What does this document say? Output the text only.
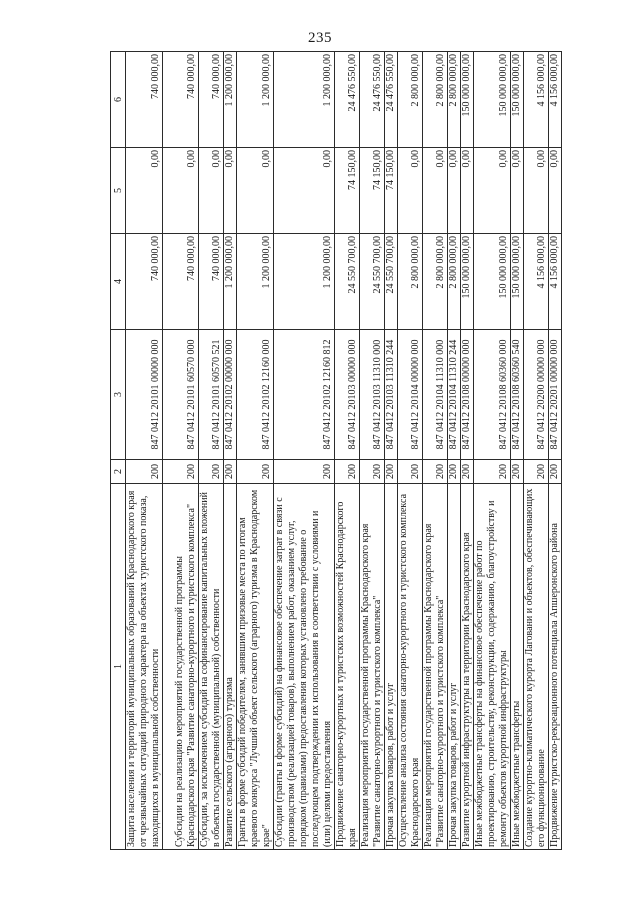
235
1	2	3	4	5	6
Защита населения и территорий муниципальных образований Краснодарского края от чрезвычайных ситуаций природного характера на объектах туристского показа, находящихся в муниципальной собственности	200	847 0412 20101 00000 000	740 000,00	0,00	740 000,00
Субсидии на реализацию мероприятий государственной программы Краснодарского края "Развитие санаторно-курортного и туристского комплекса"	200	847 0412 20101 60570 000	740 000,00	0,00	740 000,00
Субсидии, за исключением субсидий на софинансирование капитальных вложений в объекты государственной (муниципальной) собственности	200	847 0412 20101 60570 521	740 000,00	0,00	740 000,00
Развитие сельского (аграрного) туризма	200	847 0412 20102 00000 000	1 200 000,00	0,00	1 200 000,00
Гранты в форме субсидий победителям, занявшим призовые места по итогам краевого конкурса "Лучший объект сельского (аграрного) туризма в Краснодарском крае"	200	847 0412 20102 12160 000	1 200 000,00	0,00	1 200 000,00
Субсидии (гранты в форме субсидий) на финансовое обеспечение затрат в связи с производством (реализацией товаров), выполнением работ, оказанием услуг, порядком (правилами) предоставления которых установлено требование о последующем подтверждении их использования в соответствии с условиями и (или) целями предоставления	200	847 0412 20102 12160 812	1 200 000,00	0,00	1 200 000,00
Продвижение санаторно-курортных и туристских возможностей Краснодарского края	200	847 0412 20103 00000 000	24 550 700,00	74 150,00	24 476 550,00
Реализация мероприятий государственной программы Краснодарского края "Развитие санаторно-курортного и туристского комплекса"	200	847 0412 20103 11310 000	24 550 700,00	74 150,00	24 476 550,00
Прочая закупка товаров, работ и услуг	200	847 0412 20103 11310 244	24 550 700,00	74 150,00	24 476 550,00
Осуществление анализа состояния санаторно-курортного и туристского комплекса Краснодарского края	200	847 0412 20104 00000 000	2 800 000,00	0,00	2 800 000,00
Реализация мероприятий государственной программы Краснодарского края "Развитие санаторно-курортного и туристского комплекса"	200	847 0412 20104 11310 000	2 800 000,00	0,00	2 800 000,00
Прочая закупка товаров, работ и услуг	200	847 0412 20104 11310 244	2 800 000,00	0,00	2 800 000,00
Развитие курортной инфраструктуры на территории Краснодарского края	200	847 0412 20108 00000 000	150 000 000,00	0,00	150 000 000,00
Иные межбюджетные трансферты на финансовое обеспечение работ по проектированию, строительству, реконструкции, содержанию, благоустройству и ремонту объектов курортной инфраструктуры	200	847 0412 20108 60360 000	150 000 000,00	0,00	150 000 000,00
Иные межбюджетные трансферты	200	847 0412 20108 60360 540	150 000 000,00	0,00	150 000 000,00
Создание курортно-климатического курорта Лаговани и объектов, обеспечивающих его функционирование	200	847 0412 20200 00000 000	4 156 000,00	0,00	4 156 000,00
Продвижение туристско-рекреационного потенциала Апшеронского района	200	847 0412 20201 00000 000	4 156 000,00	0,00	4 156 000,00
